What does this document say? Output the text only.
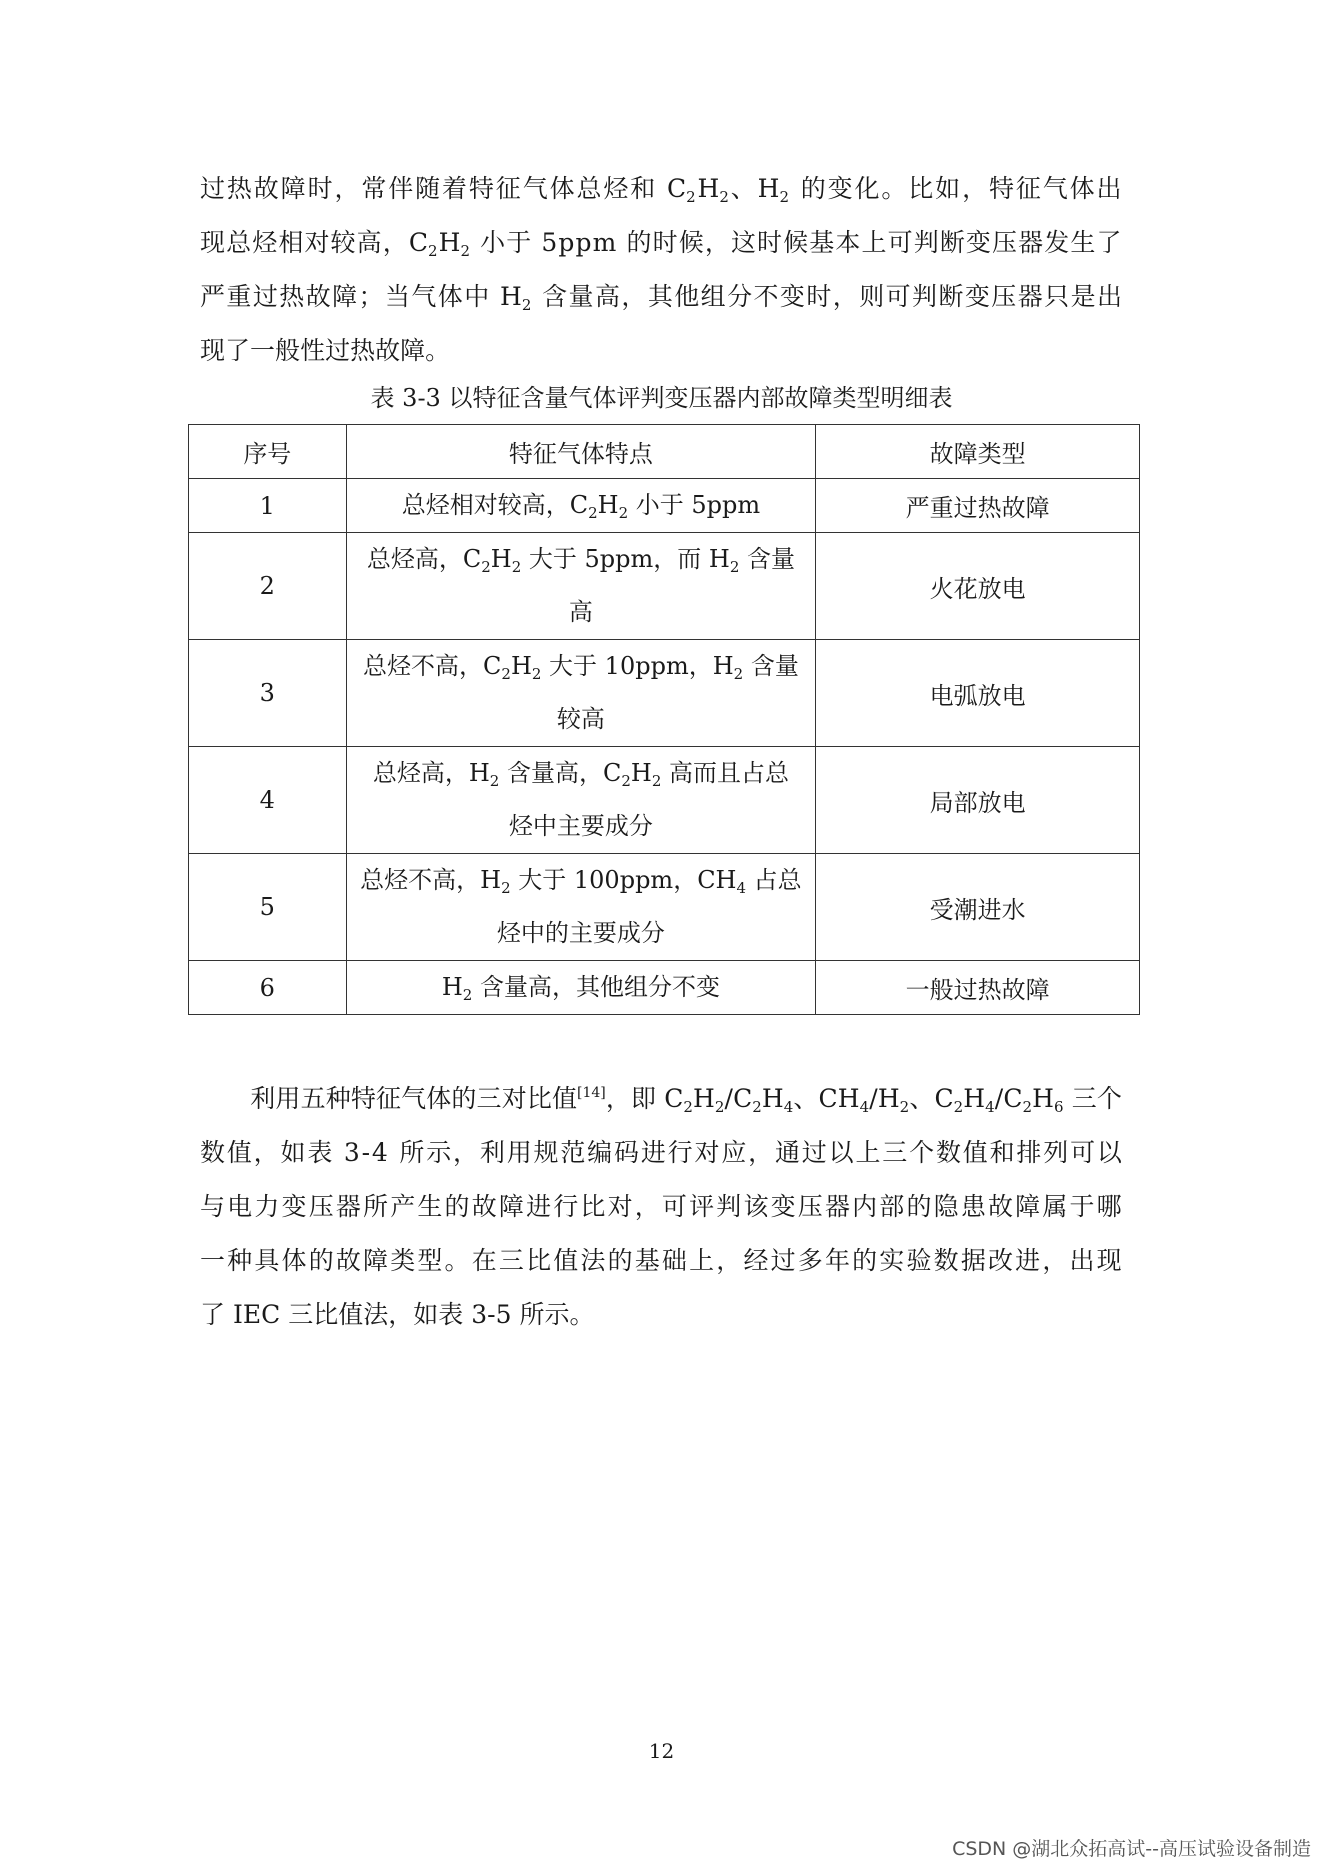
过 热 故 障 时 ， 常 伴 随 着 特 征 气 体 总 烃 和
$C_2$ $H_2$ 、 $H_2$
的 变 化 。 比 如 ， 特 征 气 体 出
现 总 烃 相 对 较 高 ， $C_2$ $H_2$
小 于
5 p p m
的 时 候 ， 这 时 候 基 本 上 可 判 断 变 压 器 发 生 了
严 重 过 热 故 障 ； 当 气 体 中
$H_2$
含 量 高 ， 其 他 组 分 不 变 时 ， 则 可 判 断 变 压 器 只 是 出
现 了 一 般 性 过 热 故 障 。
表 3-3 以特征含量气体评判变压器内部故障类型明细表
序号	特征气体特点	故障类型
1	总烃相对较高，$C_2H_2$ 小于 5ppm	严重过热故障
2	总烃高，$C_2H_2$ 大于 5ppm，而 $H_2$ 含量
高	火花放电
3	总烃不高，$C_2H_2$ 大于 10ppm，$H_2$ 含量
较高	电弧放电
4	总烃高，$H_2$ 含量高，$C_2H_2$ 高而且占总
烃中主要成分	局部放电
5	总烃不高，$H_2$ 大于 100ppm，$CH_4$ 占总
烃中的主要成分	受潮进水
6	$H_2$ 含量高，其他组分不变	一般过热故障

利 用 五 种 特 征 气 体 的 三 对 比 值[14] ， 即
$C_2$ $H_2 / C_2$ $H_4$ 、 C $H_4 / H_2$ 、 $C_2$ $H_4 / C_2$ $H_6$
三 个
数 值 ， 如 表
3 - 4
所 示 ， 利 用 规 范 编 码 进 行 对 应 ， 通 过 以 上 三 个 数 值 和 排 列 可 以
与 电 力 变 压 器 所 产 生 的 故 障 进 行 比 对 ， 可 评 判 该 变 压 器 内 部 的 隐 患 故 障 属 于 哪
一 种 具 体 的 故 障 类 型 。 在 三 比 值 法 的 基 础 上 ， 经 过 多 年 的 实 验 数 据 改 进 ， 出 现
了
I E C
三 比 值 法 ， 如 表
3 - 5
所 示 。
12
CSDN @湖北众拓高试--高压试验设备制造
